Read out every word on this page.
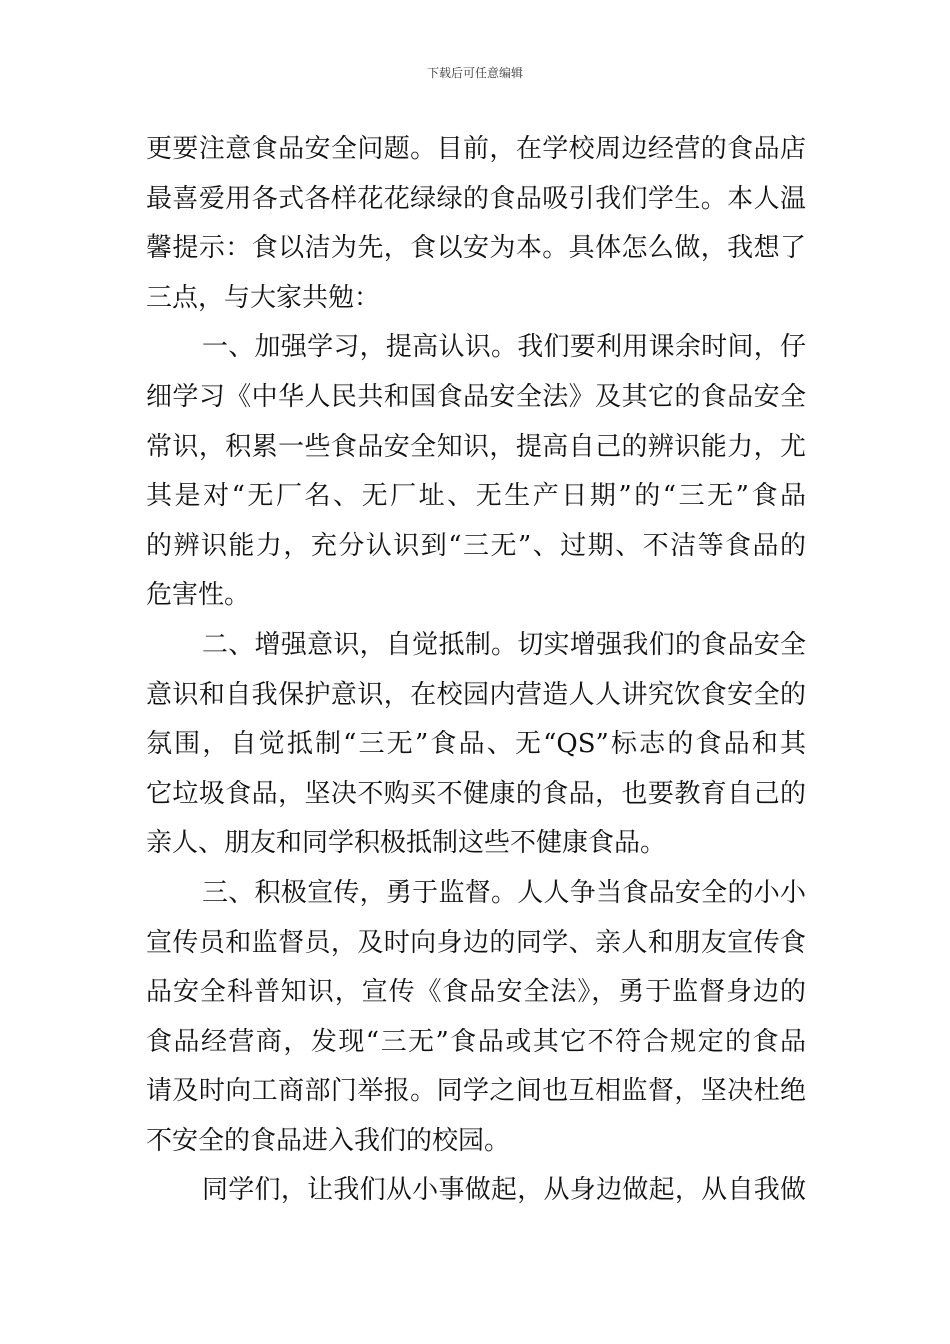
下载后可任意编辑
更要注意食品安全问题。目前，在学校周边经营的食品店
最喜爱用各式各样花花绿绿的食品吸引我们学生。本人温
馨提示：食以洁为先，食以安为本。具体怎么做，我想了
三点，与大家共勉：
一、加强学习，提高认识。我们要利用课余时间，仔
细学习《中华人民共和国食品安全法》及其它的食品安全
常识，积累一些食品安全知识，提高自己的辨识能力，尤
其是对“无厂名、无厂址、无生产日期”的“三无”食品
的辨识能力，充分认识到“三无”、过期、不洁等食品的
危害性。
二、增强意识，自觉抵制。切实增强我们的食品安全
意识和自我保护意识，在校园内营造人人讲究饮食安全的
氛围，自觉抵制“三无”食品、无“QS”标志的食品和其
它垃圾食品，坚决不购买不健康的食品，也要教育自己的
亲人、朋友和同学积极抵制这些不健康食品。
三、积极宣传，勇于监督。人人争当食品安全的小小
宣传员和监督员，及时向身边的同学、亲人和朋友宣传食
品安全科普知识，宣传《食品安全法》，勇于监督身边的
食品经营商，发现“三无”食品或其它不符合规定的食品
请及时向工商部门举报。同学之间也互相监督，坚决杜绝
不安全的食品进入我们的校园。
同学们，让我们从小事做起，从身边做起，从自我做
